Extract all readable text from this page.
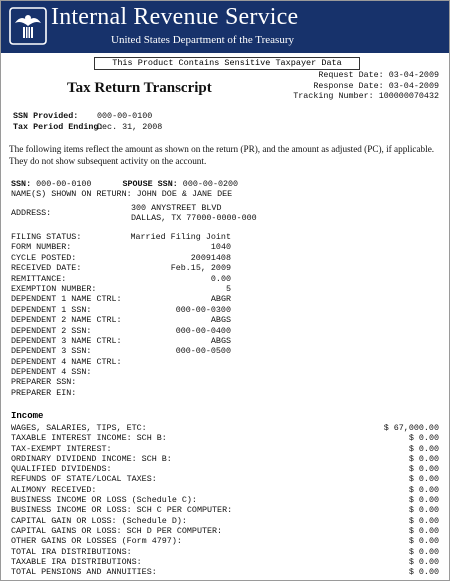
Internal Revenue Service
United States Department of the Treasury
This Product Contains Sensitive Taxpayer Data
Request Date: 03-04-2009
Response Date: 03-04-2009
Tracking Number: 100000070432
Tax Return Transcript
SSN Provided: 000-00-0100
Tax Period Ending:Dec. 31, 2008
The following items reflect the amount as shown on the return (PR), and the amount as adjusted (PC), if applicable. They do not show subsequent activity on the account.
SSN: 000-00-0100	SPOUSE SSN: 000-00-0200
NAME(S) SHOWN ON RETURN: JOHN DOE & JANE DEE
ADDRESS:	300 ANYSTREET BLVD
DALLAS, TX 77000-0000-000
FILING STATUS:	Married Filing Joint
FORM NUMBER:	1040
CYCLE POSTED:	20091408
RECEIVED DATE:	Feb.15, 2009
REMITTANCE:	0.00
EXEMPTION NUMBER:	5
DEPENDENT 1 NAME CTRL:	ABGR
DEPENDENT 1 SSN:	000-00-0300
DEPENDENT 2 NAME CTRL:	ABGS
DEPENDENT 2 SSN:	000-00-0400
DEPENDENT 3 NAME CTRL:	ABGS
DEPENDENT 3 SSN:	000-00-0500
DEPENDENT 4 NAME CTRL:
DEPENDENT 4 SSN:
PREPARER SSN:
PREPARER EIN:
Income
WAGES, SALARIES, TIPS, ETC:	$ 67,000.00
TAXABLE INTEREST INCOME: SCH B:	$ 0.00
TAX-EXEMPT INTEREST:	$ 0.00
ORDINARY DIVIDEND INCOME: SCH B:	$ 0.00
QUALIFIED DIVIDENDS:	$ 0.00
REFUNDS OF STATE/LOCAL TAXES:	$ 0.00
ALIMONY RECEIVED:	$ 0.00
BUSINESS INCOME OR LOSS (Schedule C):	$ 0.00
BUSINESS INCOME OR LOSS: SCH C PER COMPUTER:	$ 0.00
CAPITAL GAIN OR LOSS: (Schedule D):	$ 0.00
CAPITAL GAINS OR LOSS: SCH D PER COMPUTER:	$ 0.00
OTHER GAINS OR LOSSES (Form 4797):	$ 0.00
TOTAL IRA DISTRIBUTIONS:	$ 0.00
TAXABLE IRA DISTRIBUTIONS:	$ 0.00
TOTAL PENSIONS AND ANNUITIES:	$ 0.00
